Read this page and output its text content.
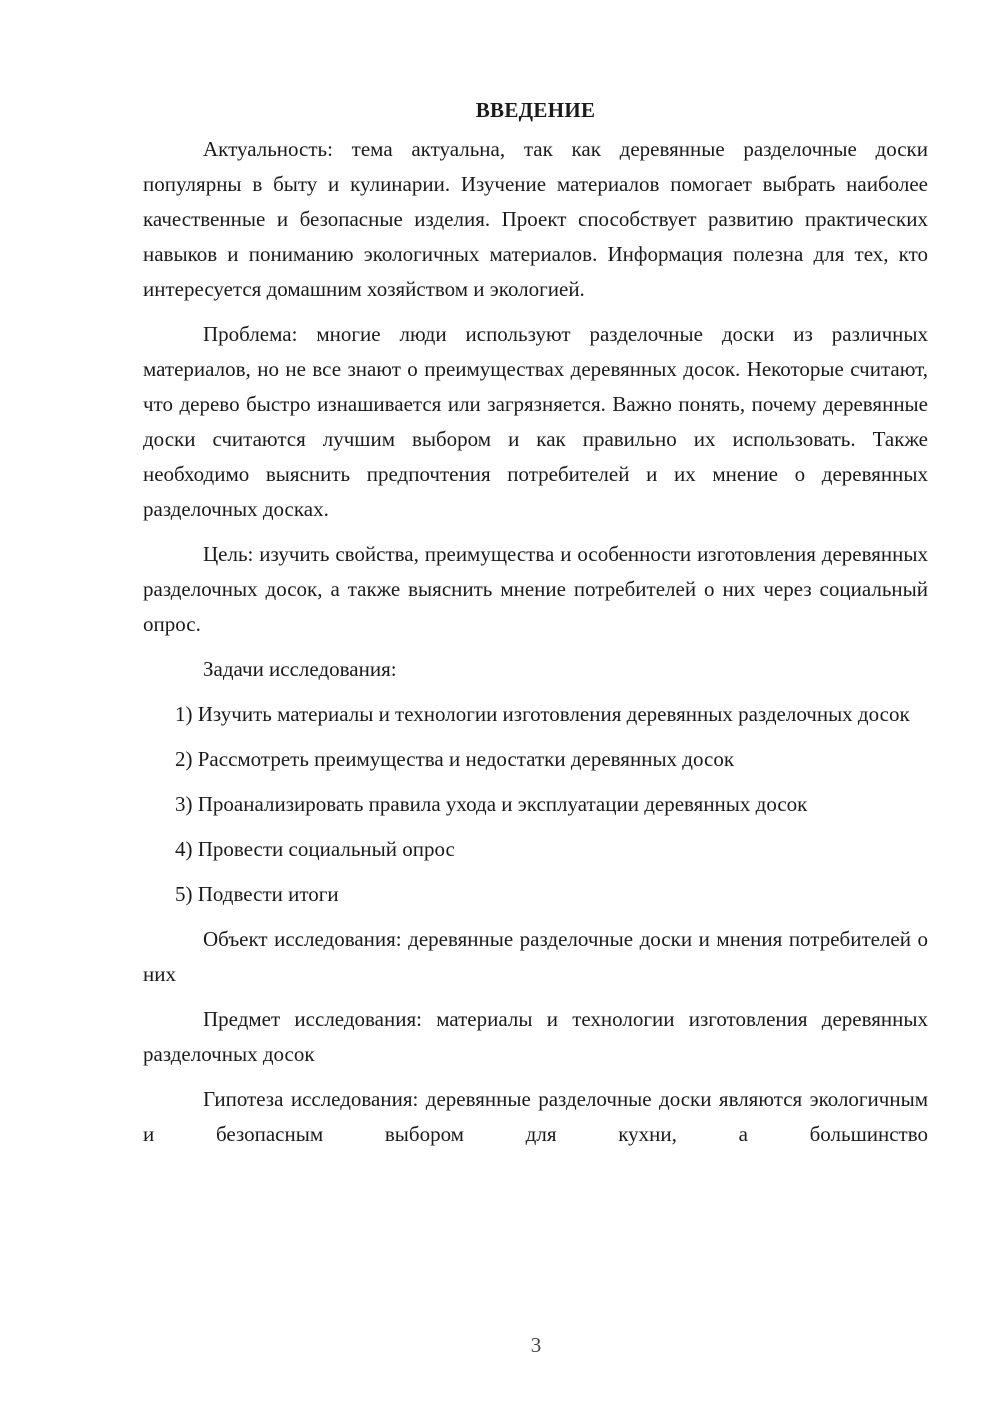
ВВЕДЕНИЕ

Актуальность: тема актуальна, так как деревянные разделочные доски популярны в быту и кулинарии. Изучение материалов помогает выбрать наиболее качественные и безопасные изделия. Проект способствует развитию практических навыков и пониманию экологичных материалов. Информация полезна для тех, кто интересуется домашним хозяйством и экологией.

Проблема: многие люди используют разделочные доски из различных материалов, но не все знают о преимуществах деревянных досок. Некоторые считают, что дерево быстро изнашивается или загрязняется. Важно понять, почему деревянные доски считаются лучшим выбором и как правильно их использовать. Также необходимо выяснить предпочтения потребителей и их мнение о деревянных разделочных досках.

Цель: изучить свойства, преимущества и особенности изготовления деревянных разделочных досок, а также выяснить мнение потребителей о них через социальный опрос.

Задачи исследования:

1) Изучить материалы и технологии изготовления деревянных разделочных досок

2) Рассмотреть преимущества и недостатки деревянных досок

3) Проанализировать правила ухода и эксплуатации деревянных досок

4) Провести социальный опрос

5) Подвести итоги

Объект исследования: деревянные разделочные доски и мнения потребителей о них

Предмет исследования: материалы и технологии изготовления деревянных разделочных досок

Гипотеза исследования: деревянные разделочные доски являются экологичным и безопасным выбором для кухни, а большинство

3
